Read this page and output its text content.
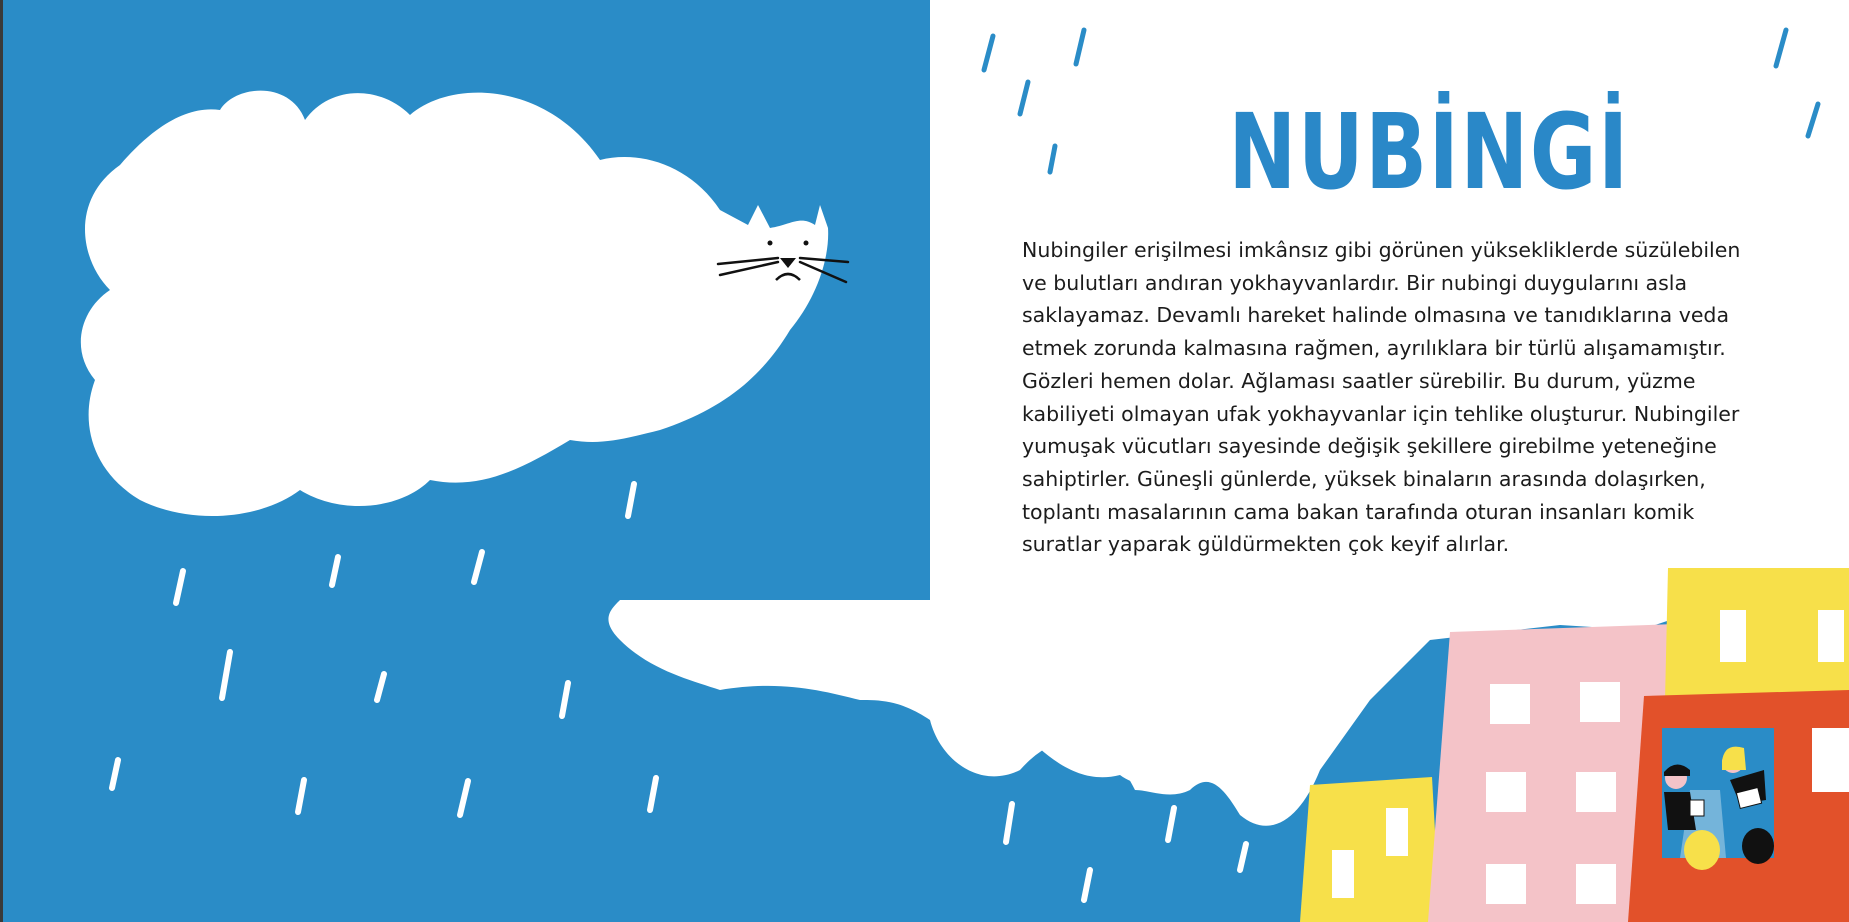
NUBİNGİ
Nubingiler erişilmesi imkânsız gibi görünen yüksekliklerde süzülebilen
ve bulutları andıran yokhayvanlardır. Bir nubingi duygularını asla
saklayamaz. Devamlı hareket halinde olmasına ve tanıdıklarına veda
etmek zorunda kalmasına rağmen, ayrılıklara bir türlü alışamamıştır.
Gözleri hemen dolar. Ağlaması saatler sürebilir. Bu durum, yüzme
kabiliyeti olmayan ufak yokhayvanlar için tehlike oluşturur. Nubingiler
yumuşak vücutları sayesinde değişik şekillere girebilme yeteneğine
sahiptirler. Güneşli günlerde, yüksek binaların arasında dolaşırken,
toplantı masalarının cama bakan tarafında oturan insanları komik
suratlar yaparak güldürmekten çok keyif alırlar.
